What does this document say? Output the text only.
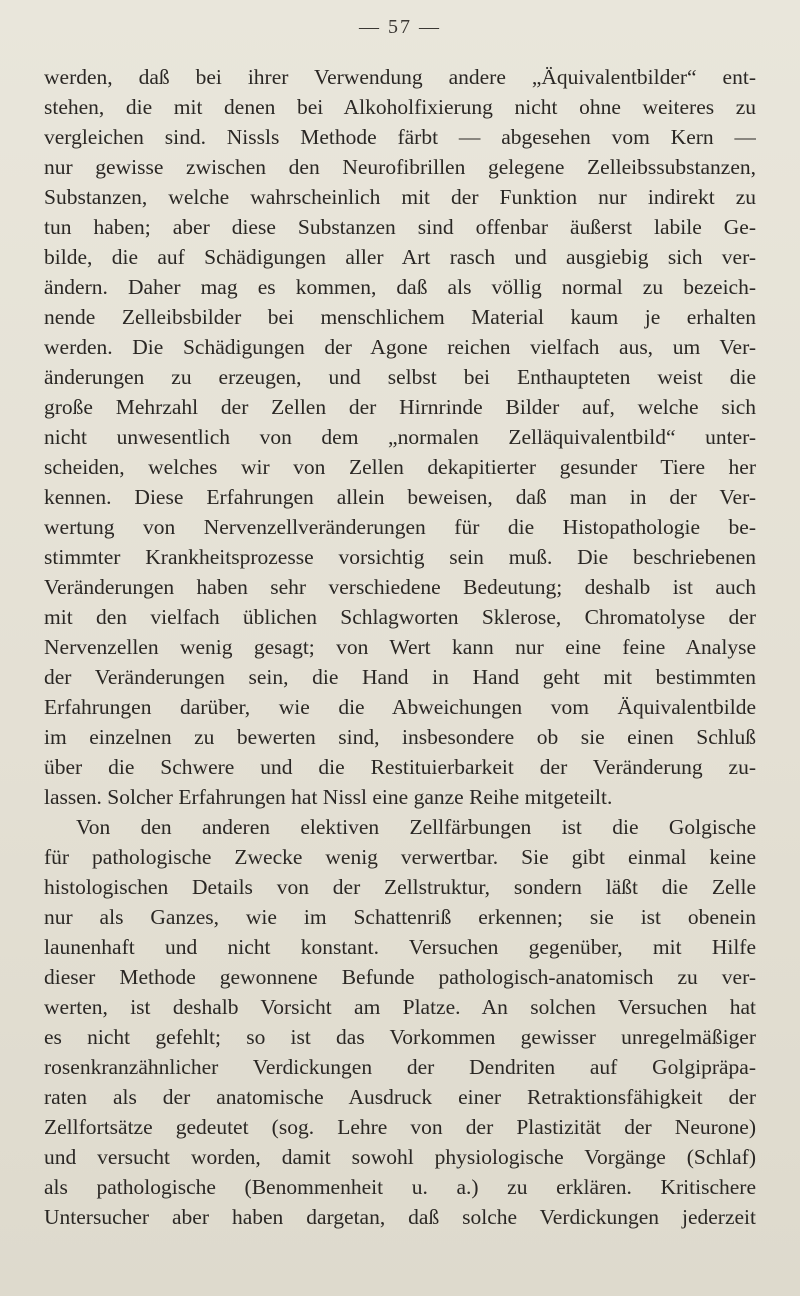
— 57 —
werden, daß bei ihrer Verwendung andere „Äquivalentbilder“ ent-
stehen, die mit denen bei Alkoholfixierung nicht ohne weiteres zu
vergleichen sind. Nissls Methode färbt — abgesehen vom Kern —
nur gewisse zwischen den Neurofibrillen gelegene Zelleibssubstanzen,
Substanzen, welche wahrscheinlich mit der Funktion nur indirekt zu
tun haben; aber diese Substanzen sind offenbar äußerst labile Ge-
bilde, die auf Schädigungen aller Art rasch und ausgiebig sich ver-
ändern. Daher mag es kommen, daß als völlig normal zu bezeich-
nende Zelleibsbilder bei menschlichem Material kaum je erhalten
werden. Die Schädigungen der Agone reichen vielfach aus, um Ver-
änderungen zu erzeugen, und selbst bei Enthaupteten weist die
große Mehrzahl der Zellen der Hirnrinde Bilder auf, welche sich
nicht unwesentlich von dem „normalen Zelläquivalentbild“ unter-
scheiden, welches wir von Zellen dekapitierter gesunder Tiere her
kennen. Diese Erfahrungen allein beweisen, daß man in der Ver-
wertung von Nervenzellveränderungen für die Histopathologie be-
stimmter Krankheitsprozesse vorsichtig sein muß. Die beschriebenen
Veränderungen haben sehr verschiedene Bedeutung; deshalb ist auch
mit den vielfach üblichen Schlagworten Sklerose, Chromatolyse der
Nervenzellen wenig gesagt; von Wert kann nur eine feine Analyse
der Veränderungen sein, die Hand in Hand geht mit bestimmten
Erfahrungen darüber, wie die Abweichungen vom Äquivalentbilde
im einzelnen zu bewerten sind, insbesondere ob sie einen Schluß
über die Schwere und die Restituierbarkeit der Veränderung zu-
lassen. Solcher Erfahrungen hat Nissl eine ganze Reihe mitgeteilt.
Von den anderen elektiven Zellfärbungen ist die Golgische
für pathologische Zwecke wenig verwertbar. Sie gibt einmal keine
histologischen Details von der Zellstruktur, sondern läßt die Zelle
nur als Ganzes, wie im Schattenriß erkennen; sie ist obenein
launenhaft und nicht konstant. Versuchen gegenüber, mit Hilfe
dieser Methode gewonnene Befunde pathologisch-anatomisch zu ver-
werten, ist deshalb Vorsicht am Platze. An solchen Versuchen hat
es nicht gefehlt; so ist das Vorkommen gewisser unregelmäßiger
rosenkranzähnlicher Verdickungen der Dendriten auf Golgipräpa-
raten als der anatomische Ausdruck einer Retraktionsfähigkeit der
Zellfortsätze gedeutet (sog. Lehre von der Plastizität der Neurone)
und versucht worden, damit sowohl physiologische Vorgänge (Schlaf)
als pathologische (Benommenheit u. a.) zu erklären. Kritischere
Untersucher aber haben dargetan, daß solche Verdickungen jederzeit
